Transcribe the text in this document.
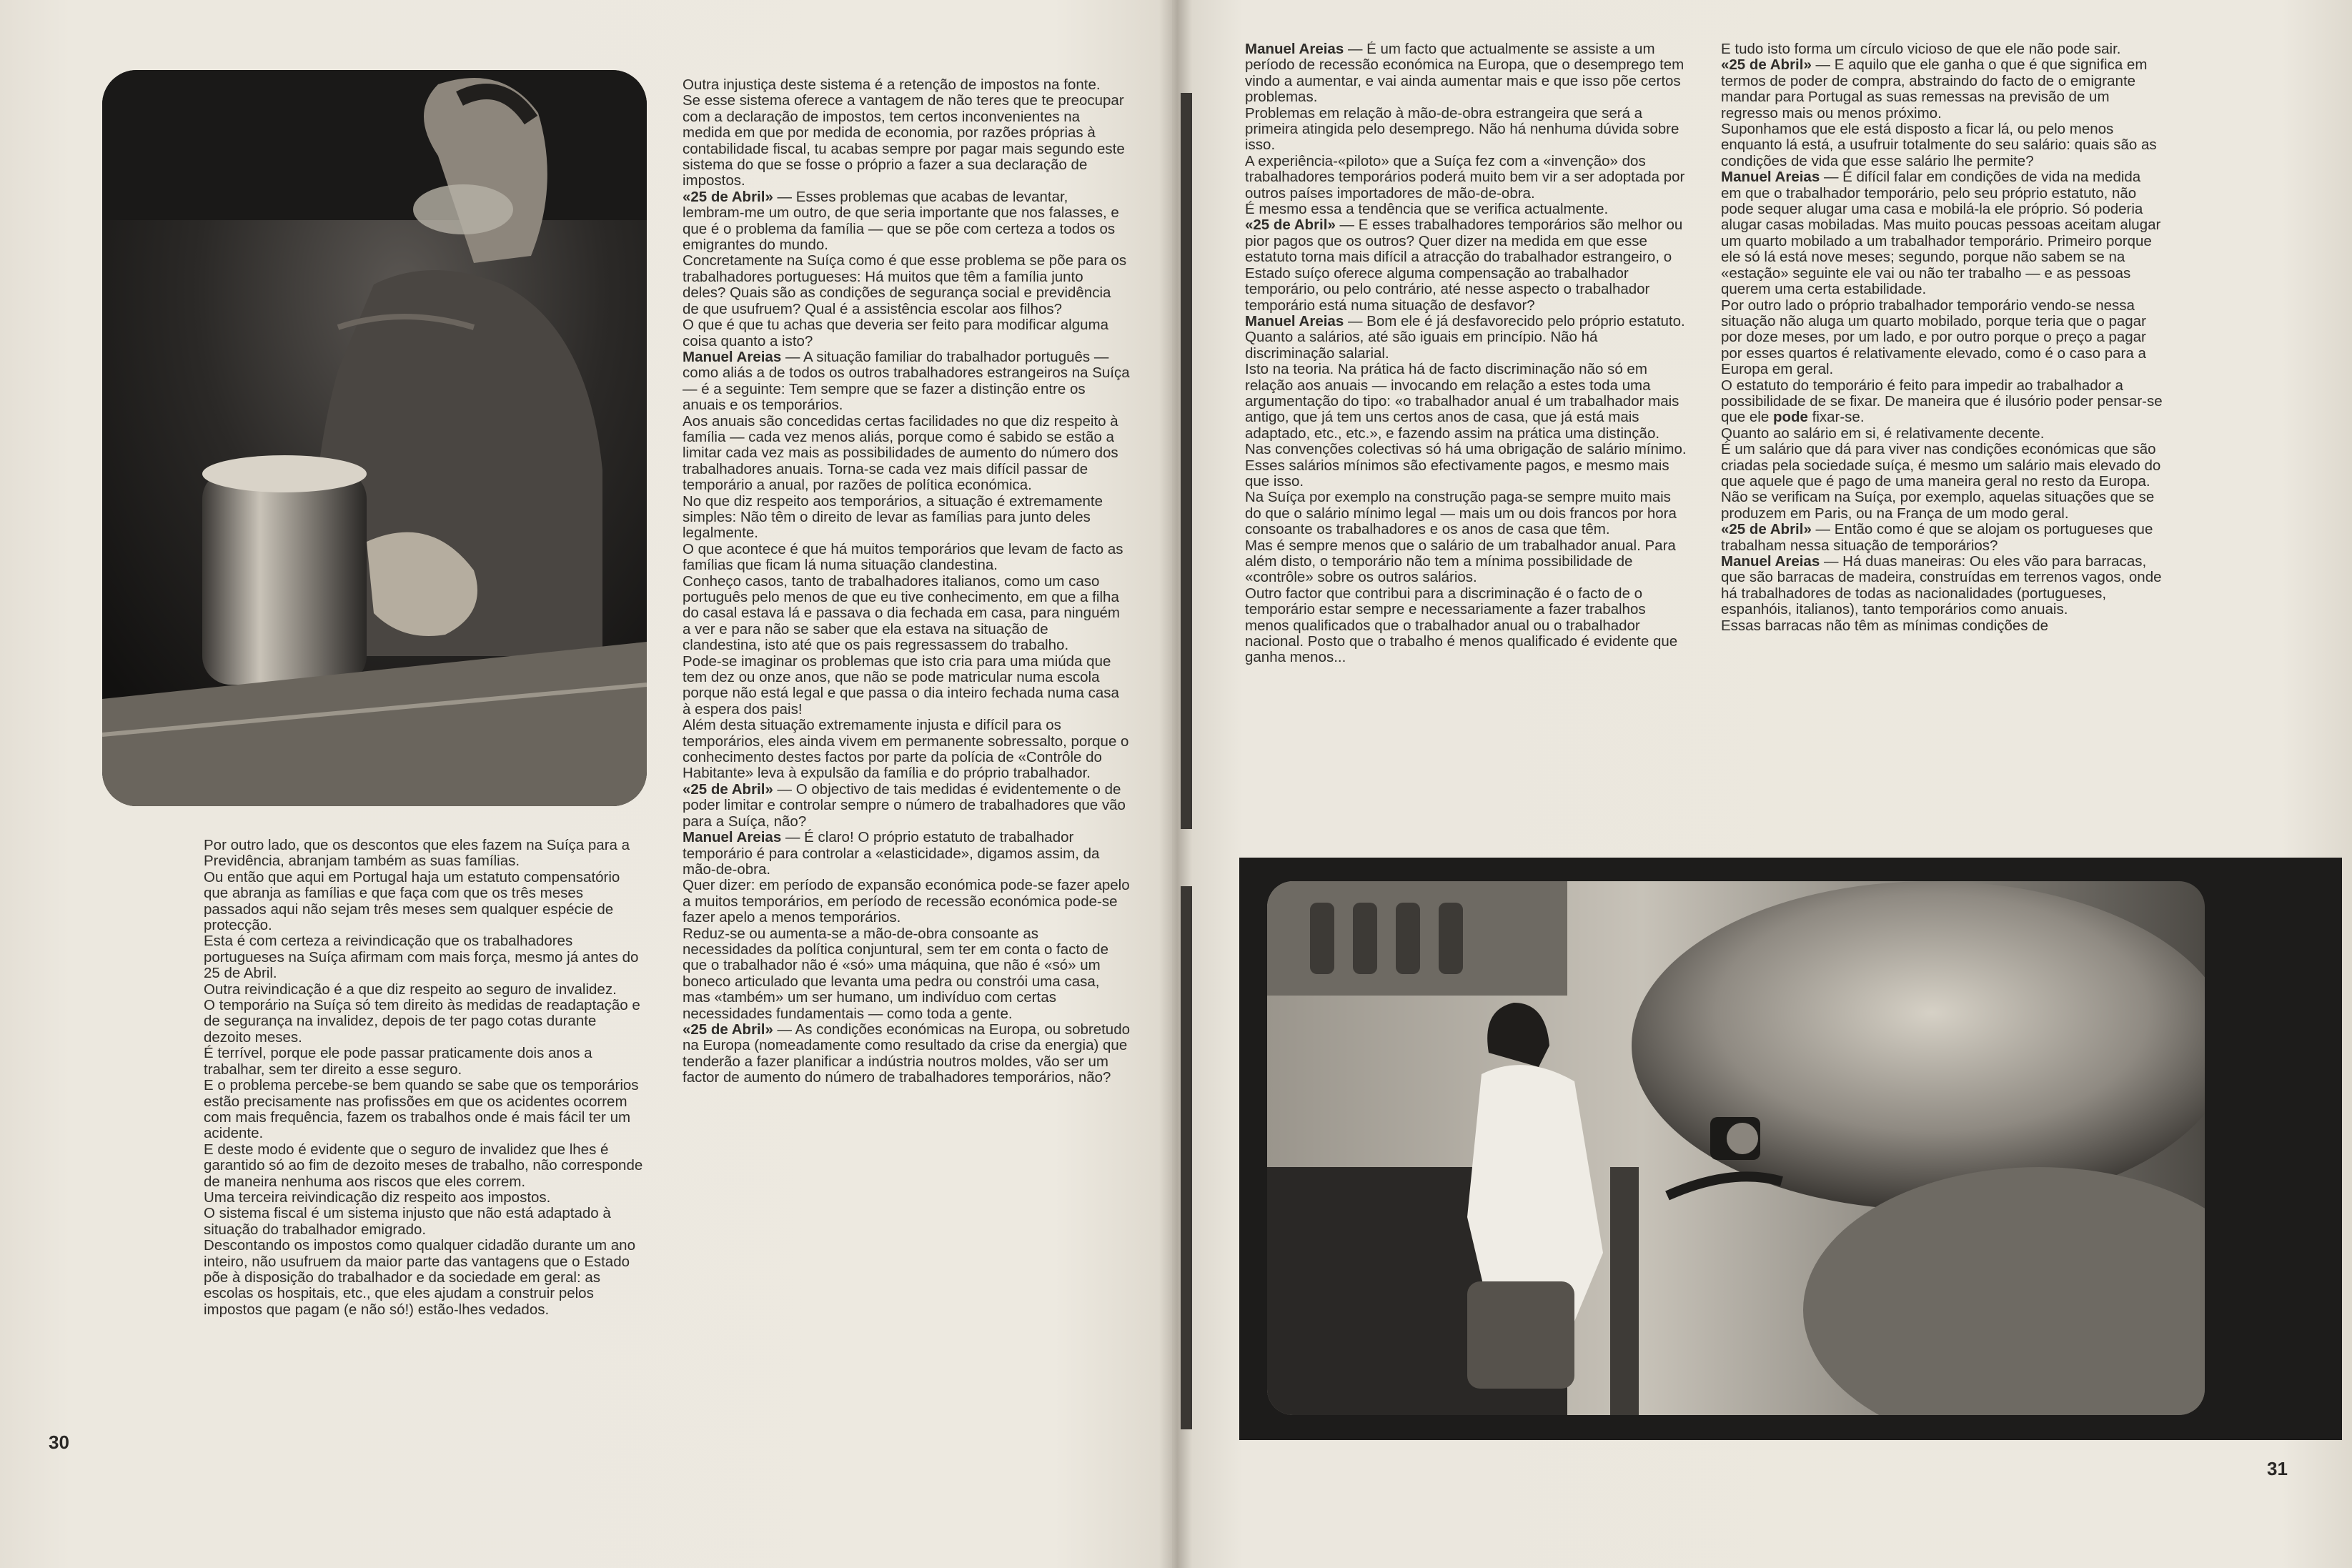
Por outro lado, que os descontos que eles fazem na Suíça para a Previdência, abranjam também as suas famílias.

Ou então que aqui em Portugal haja um estatuto compensatório que abranja as famílias e que faça com que os três meses passados aqui não sejam três meses sem qualquer espécie de protecção.

Esta é com certeza a reivindicação que os trabalhadores portugueses na Suíça afirmam com mais força, mesmo já antes do 25 de Abril.

Outra reivindicação é a que diz respeito ao seguro de invalidez.

O temporário na Suíça só tem direito às medidas de readaptação e de segurança na invalidez, depois de ter pago cotas durante dezoito meses.

É terrível, porque ele pode passar praticamente dois anos a trabalhar, sem ter direito a esse seguro.

E o problema percebe-se bem quando se sabe que os temporários estão precisamente nas profissões em que os acidentes ocorrem com mais frequência, fazem os trabalhos onde é mais fácil ter um acidente.

E deste modo é evidente que o seguro de invalidez que lhes é garantido só ao fim de dezoito meses de trabalho, não corresponde de maneira nenhuma aos riscos que eles correm.

Uma terceira reivindicação diz respeito aos impostos.

O sistema fiscal é um sistema injusto que não está adaptado à situação do trabalhador emigrado.

Descontando os impostos como qualquer cidadão durante um ano inteiro, não usufruem da maior parte das vantagens que o Estado põe à disposição do trabalhador e da sociedade em geral: as escolas os hospitais, etc., que eles ajudam a construir pelos impostos que pagam (e não só!) estão-lhes vedados.

Outra injustiça deste sistema é a retenção de impostos na fonte.

Se esse sistema oferece a vantagem de não teres que te preocupar com a declaração de impostos, tem certos inconvenientes na medida em que por medida de economia, por razões próprias à contabilidade fiscal, tu acabas sempre por pagar mais segundo este sistema do que se fosse o próprio a fazer a sua declaração de impostos.

«25 de Abril» — Esses problemas que acabas de levantar, lembram-me um outro, de que seria importante que nos falasses, e que é o problema da família — que se põe com certeza a todos os emigrantes do mundo.

Concretamente na Suíça como é que esse problema se põe para os trabalhadores portugueses: Há muitos que têm a família junto deles? Quais são as condições de segurança social e previdência de que usufruem? Qual é a assistência escolar aos filhos?

O que é que tu achas que deveria ser feito para modificar alguma coisa quanto a isto?

Manuel Areias — A situação familiar do trabalhador português — como aliás a de todos os outros trabalhadores estrangeiros na Suíça — é a seguinte: Tem sempre que se fazer a distinção entre os anuais e os temporários.

Aos anuais são concedidas certas facilidades no que diz respeito à família — cada vez menos aliás, porque como é sabido se estão a limitar cada vez mais as possibilidades de aumento do número dos trabalhadores anuais. Torna-se cada vez mais difícil passar de temporário a anual, por razões de política económica.

No que diz respeito aos temporários, a situação é extremamente simples: Não têm o direito de levar as famílias para junto deles legalmente.

O que acontece é que há muitos temporários que levam de facto as famílias que ficam lá numa situação clandestina.

Conheço casos, tanto de trabalhadores italianos, como um caso português pelo menos de que eu tive conhecimento, em que a filha do casal estava lá e passava o dia fechada em casa, para ninguém a ver e para não se saber que ela estava na situação de clandestina, isto até que os pais regressassem do trabalho.

Pode-se imaginar os problemas que isto cria para uma miúda que tem dez ou onze anos, que não se pode matricular numa escola porque não está legal e que passa o dia inteiro fechada numa casa à espera dos pais!

Além desta situação extremamente injusta e difícil para os temporários, eles ainda vivem em permanente sobressalto, porque o conhecimento destes factos por parte da polícia de «Contrôle do Habitante» leva à expulsão da família e do próprio trabalhador.

«25 de Abril» — O objectivo de tais medidas é evidentemente o de poder limitar e controlar sempre o número de trabalhadores que vão para a Suíça, não?

Manuel Areias — É claro! O próprio estatuto de trabalhador temporário é para controlar a «elasticidade», digamos assim, da mão-de-obra.

Quer dizer: em período de expansão económica pode-se fazer apelo a muitos temporários, em período de recessão económica pode-se fazer apelo a menos temporários.

Reduz-se ou aumenta-se a mão-de-obra consoante as necessidades da política conjuntural, sem ter em conta o facto de que o trabalhador não é «só» uma máquina, que não é «só» um boneco articulado que levanta uma pedra ou constrói uma casa, mas «também» um ser humano, um indivíduo com certas necessidades fundamentais — como toda a gente.

«25 de Abril» — As condições económicas na Europa, ou sobretudo na Europa (nomeadamente como resultado da crise da energia) que tenderão a fazer planificar a indústria noutros moldes, vão ser um factor de aumento do número de trabalhadores temporários, não?

Manuel Areias — É um facto que actualmente se assiste a um período de recessão económica na Europa, que o desemprego tem vindo a aumentar, e vai ainda aumentar mais e que isso põe certos problemas.

Problemas em relação à mão-de-obra estrangeira que será a primeira atingida pelo desemprego. Não há nenhuma dúvida sobre isso.

A experiência-«piloto» que a Suíça fez com a «invenção» dos trabalhadores temporários poderá muito bem vir a ser adoptada por outros países importadores de mão-de-obra.

É mesmo essa a tendência que se verifica actualmente.

«25 de Abril» — E esses trabalhadores temporários são melhor ou pior pagos que os outros? Quer dizer na medida em que esse estatuto torna mais difícil a atracção do trabalhador estrangeiro, o Estado suíço oferece alguma compensação ao trabalhador temporário, ou pelo contrário, até nesse aspecto o trabalhador temporário está numa situação de desfavor?

Manuel Areias — Bom ele é já desfavorecido pelo próprio estatuto. Quanto a salários, até são iguais em princípio. Não há discriminação salarial.

Isto na teoria. Na prática há de facto discriminação não só em relação aos anuais — invocando em relação a estes toda uma argumentação do tipo: «o trabalhador anual é um trabalhador mais antigo, que já tem uns certos anos de casa, que já está mais adaptado, etc., etc.», e fazendo assim na prática uma distinção.

Nas convenções colectivas só há uma obrigação de salário mínimo. Esses salários mínimos são efectivamente pagos, e mesmo mais que isso.

Na Suíça por exemplo na construção paga-se sempre muito mais do que o salário mínimo legal — mais um ou dois francos por hora consoante os trabalhadores e os anos de casa que têm.

Mas é sempre menos que o salário de um trabalhador anual. Para além disto, o temporário não tem a mínima possibilidade de «contrôle» sobre os outros salários.

Outro factor que contribui para a discriminação é o facto de o temporário estar sempre e necessariamente a fazer trabalhos menos qualificados que o trabalhador anual ou o trabalhador nacional. Posto que o trabalho é menos qualificado é evidente que ganha menos...

E tudo isto forma um círculo vicioso de que ele não pode sair.

«25 de Abril» — E aquilo que ele ganha o que é que significa em termos de poder de compra, abstraindo do facto de o emigrante mandar para Portugal as suas remessas na previsão de um regresso mais ou menos próximo.

Suponhamos que ele está disposto a ficar lá, ou pelo menos enquanto lá está, a usufruir totalmente do seu salário: quais são as condições de vida que esse salário lhe permite?

Manuel Areias — É difícil falar em condições de vida na medida em que o trabalhador temporário, pelo seu próprio estatuto, não pode sequer alugar uma casa e mobilá-la ele próprio. Só poderia alugar casas mobiladas. Mas muito poucas pessoas aceitam alugar um quarto mobilado a um trabalhador temporário. Primeiro porque ele só lá está nove meses; segundo, porque não sabem se na «estação» seguinte ele vai ou não ter trabalho — e as pessoas querem uma certa estabilidade.

Por outro lado o próprio trabalhador temporário vendo-se nessa situação não aluga um quarto mobilado, porque teria que o pagar por doze meses, por um lado, e por outro porque o preço a pagar por esses quartos é relativamente elevado, como é o caso para a Europa em geral.

O estatuto do temporário é feito para impedir ao trabalhador a possibilidade de se fixar. De maneira que é ilusório poder pensar-se que ele pode fixar-se.

Quanto ao salário em si, é relativamente decente.

É um salário que dá para viver nas condições económicas que são criadas pela sociedade suíça, é mesmo um salário mais elevado do que aquele que é pago de uma maneira geral no resto da Europa.

Não se verificam na Suíça, por exemplo, aquelas situações que se produzem em Paris, ou na França de um modo geral.

«25 de Abril» — Então como é que se alojam os portugueses que trabalham nessa situação de temporários?

Manuel Areias — Há duas maneiras: Ou eles vão para barracas, que são barracas de madeira, construídas em terrenos vagos, onde há trabalhadores de todas as nacionalidades (portugueses, espanhóis, italianos), tanto temporários como anuais.

Essas barracas não têm as mínimas condições de

30
31
